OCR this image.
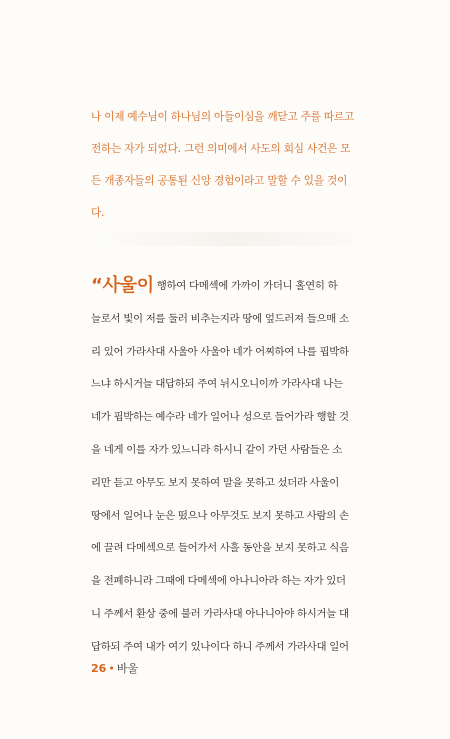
나 이제 예수님이 하나님의 아들이심을 깨닫고 주를 따르고
전하는 자가 되었다. 그런 의미에서 사도의 회심 사건은 모
든 개종자들의 공통된 신앙 경험이라고 말할 수 있을 것이
다.

“사울이 행하여 다메섹에 가까이 가더니 홀연히 하
늘로서 빛이 저를 둘러 비추는지라 땅에 엎드러져 들으매 소
리 있어 가라사대 사울아 사울아 네가 어찌하여 나를 핍박하
느냐 하시거늘 대답하되 주여 뉘시오니이까 가라사대 나는
네가 핍박하는 예수라 네가 일어나 성으로 들어가라 행할 것
을 네게 이를 자가 있느니라 하시니 같이 가던 사람들은 소
리만 듣고 아무도 보지 못하여 말을 못하고 섰더라 사울이
땅에서 일어나 눈은 떴으나 아무것도 보지 못하고 사람의 손
에 끌려 다메섹으로 들어가서 사흘 동안을 보지 못하고 식음
을 전폐하니라 그때에 다메섹에 아나니아라 하는 자가 있더
니 주께서 환상 중에 불러 가라사대 아나니아야 하시거늘 대
답하되 주여 내가 여기 있나이다 하니 주께서 가라사대 일어

26 • 바울
